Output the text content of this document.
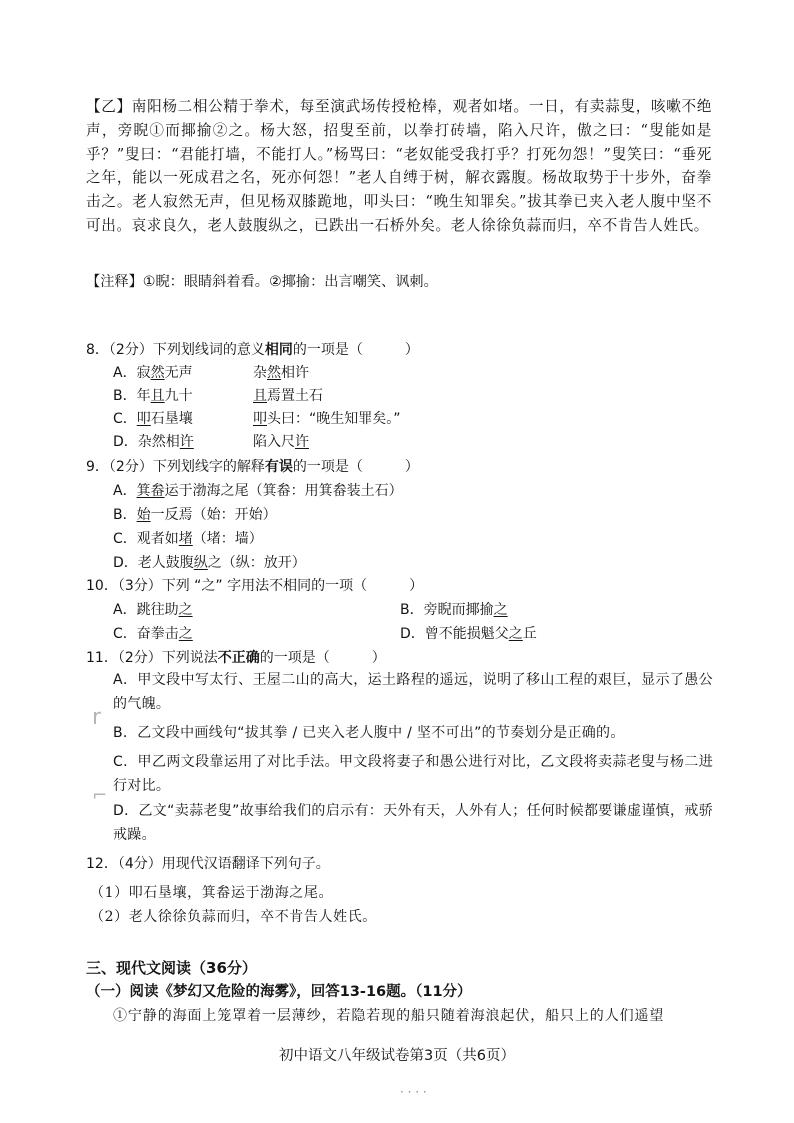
【乙】南阳杨二相公精于拳术，每至演武场传授枪棒，观者如堵。一日，有卖蒜叟，咳嗽不绝声，旁睨①而揶揄②之。杨大怒，招叟至前，以拳打砖墙，陷入尺许，傲之曰：“叟能如是乎？”叟曰：“君能打墙，不能打人。”杨骂曰：“老奴能受我打乎？打死勿怨！”叟笑曰：“垂死之年，能以一死成君之名，死亦何怨！”老人自缚于树，解衣露腹。杨故取势于十步外，奋拳击之。老人寂然无声，但见杨双膝跪地，叩头曰：“晚生知罪矣。”拔其拳已夹入老人腹中坚不可出。哀求良久，老人鼓腹纵之，已跌出一石桥外矣。老人徐徐负蒜而归，卒不肯告人姓氏。
【注释】①睨：眼睛斜着看。②揶揄：出言嘲笑、讽刺。
8．（2分）下列划线词的意义相同的一项是（　　　）
A．寂然无声	杂然相许
B．年且九十	且焉置土石
C．叩石垦壤	叩头曰：“晚生知罪矣。”
D．杂然相许	陷入尺许
9．（2分）下列划线字的解释有误的一项是（　　　）
A．箕畚运于渤海之尾（箕畚：用箕畚装土石）
B．始一反焉（始：开始）
C．观者如堵（堵：墙）
D．老人鼓腹纵之（纵：放开）
10．（3分）下列 “之” 字用法不相同的一项（　　　）
A．跳往助之	B．旁睨而揶揄之
C．奋拳击之	D．曾不能损魁父之丘
11．（2分）下列说法不正确的一项是（　　　）
A．甲文段中写太行、王屋二山的高大，运土路程的遥远，说明了移山工程的艰巨，显示了愚公的气魄。
B．乙文段中画线句“拔其拳 / 已夹入老人腹中 / 坚不可出”的节奏划分是正确的。
C．甲乙两文段靠运用了对比手法。甲文段将妻子和愚公进行对比，乙文段将卖蒜老叟与杨二进行对比。
D．乙文“卖蒜老叟”故事给我们的启示有：天外有天，人外有人；任何时候都要谦虚谨慎，戒骄戒躁。
12．（4分）用现代汉语翻译下列句子。
（1）叩石垦壤，箕畚运于渤海之尾。
（2）老人徐徐负蒜而归，卒不肯告人姓氏。
三、现代文阅读（36分）
（一）阅读《梦幻又危险的海雾》，回答13-16题。（11分）
①宁静的海面上笼罩着一层薄纱，若隐若现的船只随着海浪起伏，船只上的人们遥望
初中语文八年级试卷第3页（共6页）
r
⌐
· · · ·
